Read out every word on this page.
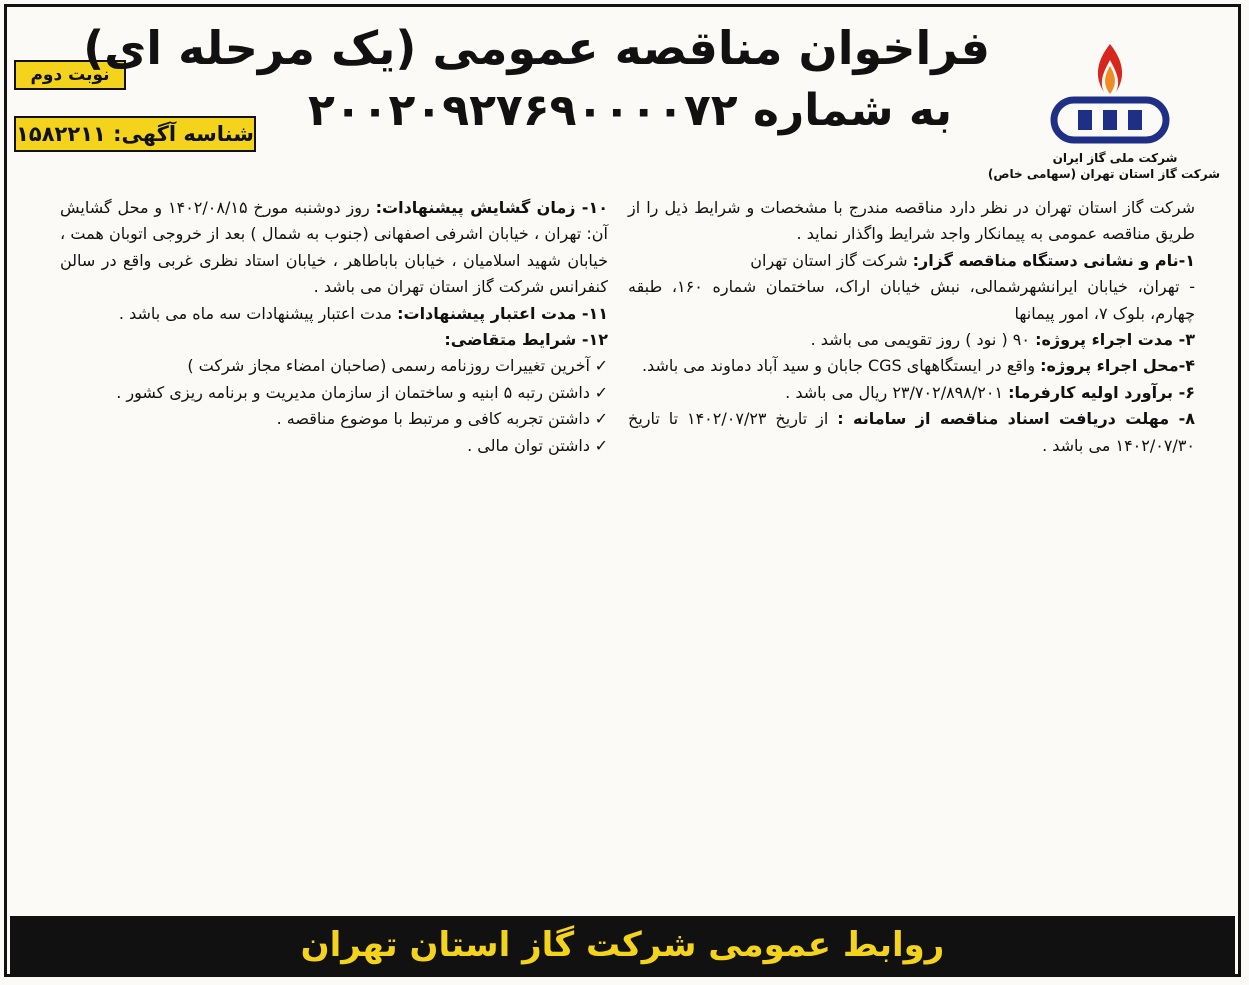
نوبت دوم
شناسه آگهی: ۱۵۸۲۲۱۱
فراخوان مناقصه عمومی (یک مرحله ای)
به شماره ۲۰۰۲۰۹۲۷۶۹۰۰۰۰۷۲
شرکت ملی گاز ایران
شرکت گاز استان تهران (سهامی خاص)

شرکت گاز استان تهران در نظر دارد مناقصه مندرج با مشخصات و شرایط ذیل را از طریق مناقصه عمومی به پیمانکار واجد شرایط واگذار نماید .

۱-نام و نشانی دستگاه مناقصه گزار: شرکت گاز استان تهران

- تهران، خیابان ایرانشهرشمالی، نبش خیابان اراک، ساختمان شماره ۱۶۰، طبقه چهارم، بلوک ۷، امور پیمانها

۳- مدت اجراء پروژه: ۹۰ ( نود ) روز تقویمی می باشد .

۴-محل اجراء پروژه: واقع در ایستگاههای CGS جابان و سید آباد دماوند می باشد.

۶- برآورد اولیه کارفرما: ۲۳/۷۰۲/۸۹۸/۲۰۱ ریال می باشد .

۸- مهلت دریافت اسناد مناقصه از سامانه : از تاریخ ۱۴۰۲/۰۷/۲۳ تا تاریخ ۱۴۰۲/۰۷/۳۰ می باشد .

۱۰- زمان گشایش پیشنهادات: روز دوشنبه مورخ ۱۴۰۲/۰۸/۱۵ و محل گشایش آن: تهران ، خیابان اشرفی اصفهانی (جنوب به شمال ) بعد از خروجی اتوبان همت ، خیابان شهید اسلامیان ، خیابان باباطاهر ، خیابان استاد نظری غربی واقع در سالن کنفرانس شرکت گاز استان تهران می باشد .

۱۱- مدت اعتبار پیشنهادات: مدت اعتبار پیشنهادات سه ماه می باشد .

۱۲- شرایط متقاضی:

✓آخرین تغییرات روزنامه رسمی (صاحبان امضاء مجاز شرکت )

✓داشتن رتبه ۵ ابنیه و ساختمان از سازمان مدیریت و برنامه ریزی کشور .

✓داشتن تجربه کافی و مرتبط با موضوع مناقصه .

✓داشتن توان مالی .

روابط عمومی شرکت گاز استان تهران
